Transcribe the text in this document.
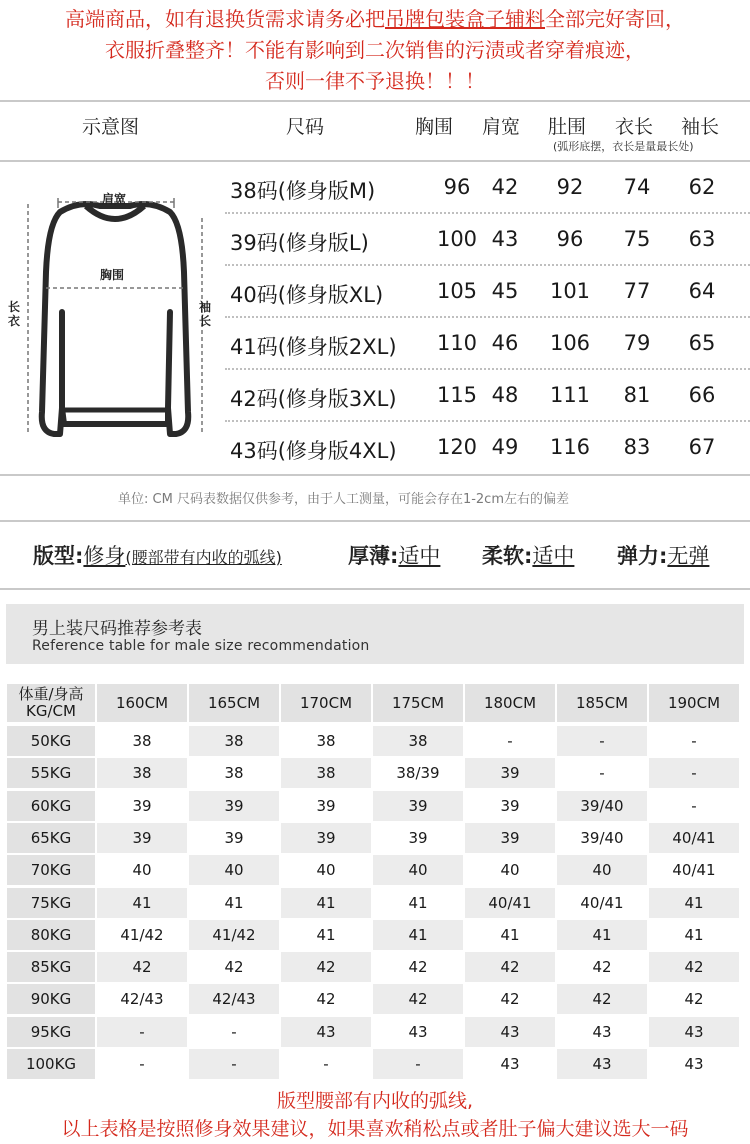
高端商品，如有退换货需求请务必把吊牌包装盒子辅料全部完好寄回，
衣服折叠整齐！不能有影响到二次销售的污渍或者穿着痕迹，
否则一律不予退换！！！
示意图	尺码	胸围 肩宽 肚围 衣长 袖长
(弧形底摆，衣长是量最长处)
肩宽
胸围
长衣
袖长
38码(修身版M)	96	42	92	74	62
39码(修身版L)	100 43	96	75	63
40码(修身版XL)	105 45	101	77	64
41码(修身版2XL) 110 46	106	79	65
42码(修身版3XL) 115 48	111	81	66
43码(修身版4XL) 120 49	116	83	67
单位: CM 尺码表数据仅供参考，由于人工测量，可能会存在1-2cm左右的偏差
版型:修身(腰部带有内收的弧线)	厚薄:适中 柔软:适中 弹力:无弹
男上装尺码推荐参考表
Reference table for male size recommendation
体重/身高
KG/CM	160CM	165CM	170CM	175CM	180CM	185CM	190CM
50KG	38	38	38	38	-	-	-
55KG	38	38	38	38/39	39	-	-
60KG	39	39	39	39	39	39/40	-
65KG	39	39	39	39	39	39/40	40/41
70KG	40	40	40	40	40	40	40/41
75KG	41	41	41	41	40/41	40/41	41
80KG	41/42	41/42	41	41	41	41	41
85KG	42	42	42	42	42	42	42
90KG	42/43	42/43	42	42	42	42	42
95KG	-	-	43	43	43	43	43
100KG	-	-	-	-	43	43	43
版型腰部有内收的弧线,
以上表格是按照修身效果建议，如果喜欢稍松点或者肚子偏大建议选大一码
